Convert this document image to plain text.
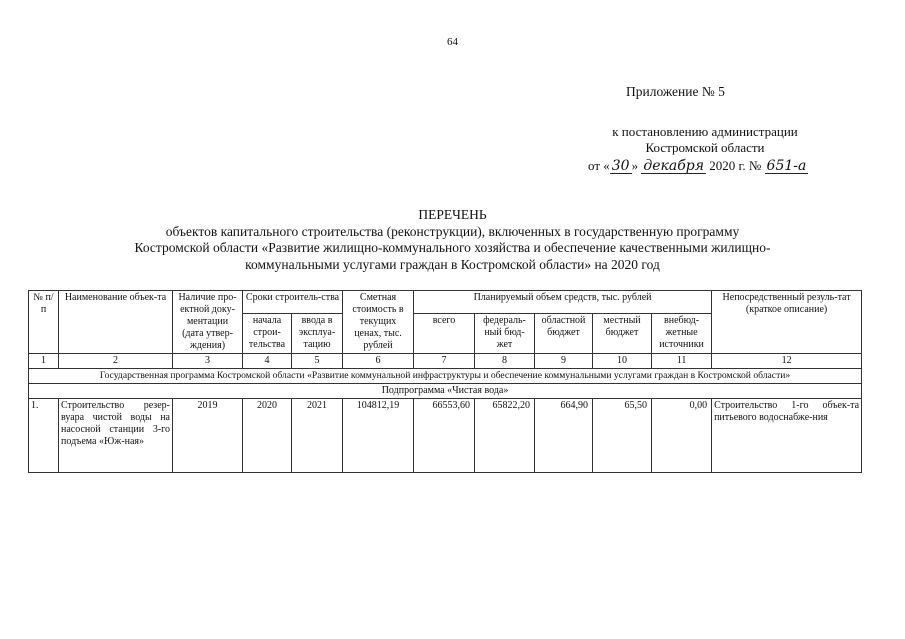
64
Приложение № 5
к постановлению администрации
Костромской области
от « 30 » декабря 2020 г. № 651-а
ПЕРЕЧЕНЬ
объектов капитального строительства (реконструкции), включенных в государственную программу
Костромской области «Развитие жилищно-коммунального хозяйства и обеспечение качественными жилищно-
коммунальными услугами граждан в Костромской области» на 2020 год
№ п/п	Наименование объек-та	Наличие про-ектной доку-ментации (дата утвер-ждения)	Сроки строитель-ства		Сметная стоимость в текущих ценах, тыс. рублей	Планируемый объем средств, тыс. рублей					Непосредственный резуль-тат (краткое описание)
			начала строи-тельства	ввода в эксплуа-тацию		всего	федераль-ный бюд-жет	областной бюджет	местный бюджет	внебюд-жетные источники	
1	2	3	4	5	6	7	8	9	10	11	12
Государственная программа Костромской области «Развитие коммунальной инфраструктуры и обеспечение коммунальными услугами граждан в Костромской области»											
Подпрограмма «Чистая вода»											
1.	Строительство резер-вуара чистой воды на насосной станции 3-го подъема «Юж-ная»	2019	2020	2021	104812,19	66553,60	65822,20	664,90	65,50	0,00	Строительство 1-го объек-та питьевого водоснабже-ния
